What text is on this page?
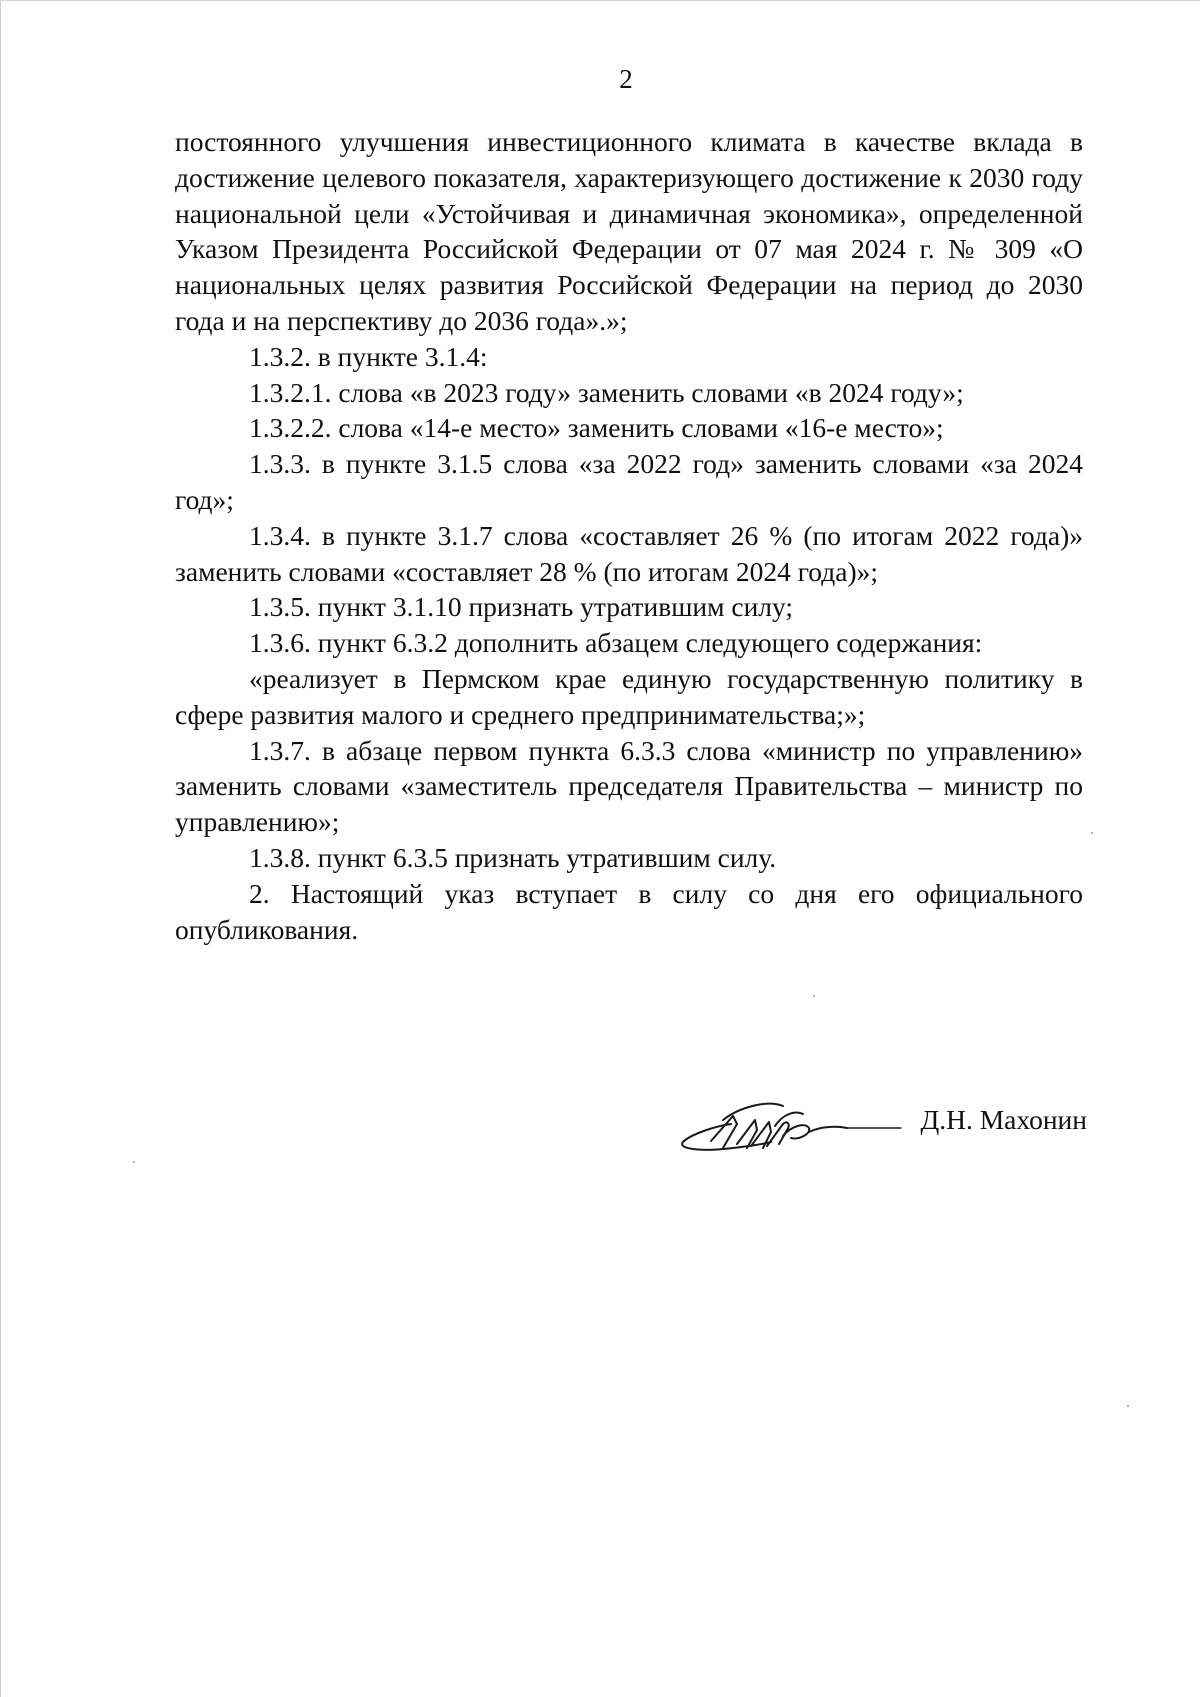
2

постоянного улучшения инвестиционного климата в качестве вклада в достижение целевого показателя, характеризующего достижение к 2030 году национальной цели «Устойчивая и динамичная экономика», определенной Указом Президента Российской Федерации от 07 мая 2024 г. № 309 «О национальных целях развития Российской Федерации на период до 2030 года и на перспективу до 2036 года».»;

1.3.2. в пункте 3.1.4:

1.3.2.1. слова «в 2023 году» заменить словами «в 2024 году»;

1.3.2.2. слова «14-е место» заменить словами «16-е место»;

1.3.3. в пункте 3.1.5 слова «за 2022 год» заменить словами «за 2024 год»;

1.3.4. в пункте 3.1.7 слова «составляет 26 % (по итогам 2022 года)» заменить словами «составляет 28 % (по итогам 2024 года)»;

1.3.5. пункт 3.1.10 признать утратившим силу;

1.3.6. пункт 6.3.2 дополнить абзацем следующего содержания:

«реализует в Пермском крае единую государственную политику в сфере развития малого и среднего предпринимательства;»;

1.3.7. в абзаце первом пункта 6.3.3 слова «министр по управлению» заменить словами «заместитель председателя Правительства – министр по управлению»;

1.3.8. пункт 6.3.5 признать утратившим силу.

2. Настоящий указ вступает в силу со дня его официального опубликования.

Д.Н. Махонин
